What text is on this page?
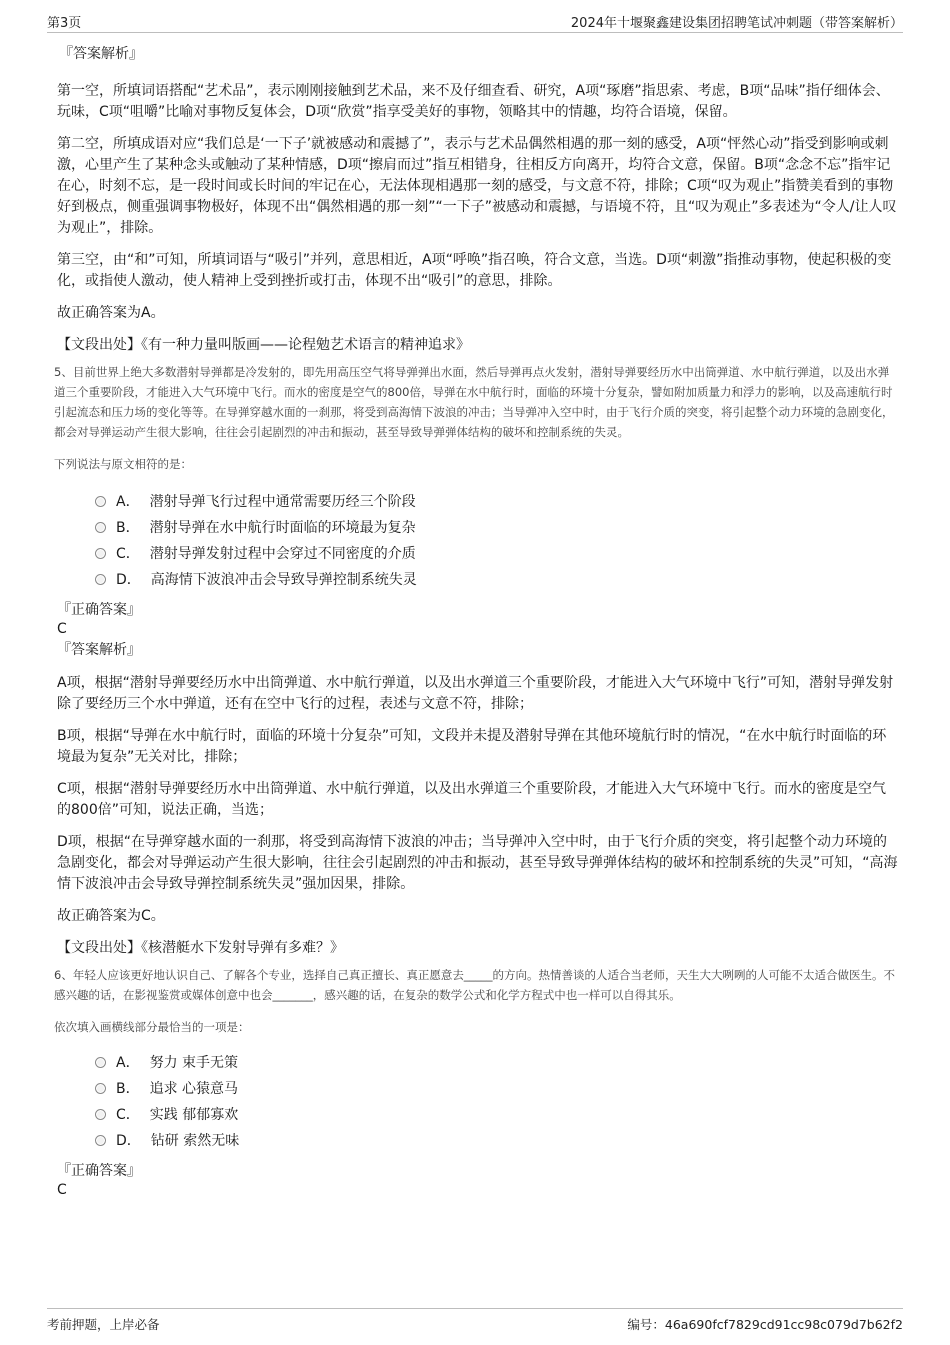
第3页	2024年十堰聚鑫建设集团招聘笔试冲刺题（带答案解析）

『答案解析』

第一空，所填词语搭配“艺术品”，表示刚刚接触到艺术品，来不及仔细查看、研究，A项“琢磨”指思索、考虑，B项“品味”指仔细体会、玩味，C项“咀嚼”比喻对事物反复体会，D项“欣赏”指享受美好的事物，领略其中的情趣，均符合语境，保留。

第二空，所填成语对应“我们总是‘一下子’就被感动和震撼了”，表示与艺术品偶然相遇的那一刻的感受，A项“怦然心动”指受到影响或刺激，心里产生了某种念头或触动了某种情感，D项“擦肩而过”指互相错身，往相反方向离开，均符合文意，保留。B项“念念不忘”指牢记在心，时刻不忘，是一段时间或长时间的牢记在心，无法体现相遇那一刻的感受，与文意不符，排除；C项“叹为观止”指赞美看到的事物好到极点，侧重强调事物极好，体现不出“偶然相遇的那一刻”“一下子”被感动和震撼，与语境不符，且“叹为观止”多表述为“令人/让人叹为观止”，排除。

第三空，由“和”可知，所填词语与“吸引”并列，意思相近，A项“呼唤”指召唤，符合文意，当选。D项“刺激”指推动事物，使起积极的变化，或指使人激动，使人精神上受到挫折或打击，体现不出“吸引”的意思，排除。

故正确答案为A。

【文段出处】《有一种力量叫版画——论程勉艺术语言的精神追求》

5、目前世界上绝大多数潜射导弹都是冷发射的，即先用高压空气将导弹弹出水面，然后导弹再点火发射，潜射导弹要经历水中出筒弹道、水中航行弹道，以及出水弹道三个重要阶段，才能进入大气环境中飞行。而水的密度是空气的800倍，导弹在水中航行时，面临的环境十分复杂，譬如附加质量力和浮力的影响，以及高速航行时引起流态和压力场的变化等等。在导弹穿越水面的一刹那，将受到高海情下波浪的冲击；当导弹冲入空中时，由于飞行介质的突变，将引起整个动力环境的急剧变化，都会对导弹运动产生很大影响，往往会引起剧烈的冲击和振动，甚至导致导弹弹体结构的破坏和控制系统的失灵。

下列说法与原文相符的是：

A． 潜射导弹飞行过程中通常需要历经三个阶段
B． 潜射导弹在水中航行时面临的环境最为复杂
C． 潜射导弹发射过程中会穿过不同密度的介质
D． 高海情下波浪冲击会导致导弹控制系统失灵

『正确答案』

C

『答案解析』

A项，根据“潜射导弹要经历水中出筒弹道、水中航行弹道，以及出水弹道三个重要阶段，才能进入大气环境中飞行”可知，潜射导弹发射除了要经历三个水中弹道，还有在空中飞行的过程，表述与文意不符，排除；

B项，根据“导弹在水中航行时，面临的环境十分复杂”可知，文段并未提及潜射导弹在其他环境航行时的情况，“在水中航行时面临的环境最为复杂”无关对比，排除；

C项，根据“潜射导弹要经历水中出筒弹道、水中航行弹道，以及出水弹道三个重要阶段，才能进入大气环境中飞行。而水的密度是空气的800倍”可知，说法正确，当选；

D项，根据“在导弹穿越水面的一刹那，将受到高海情下波浪的冲击；当导弹冲入空中时，由于飞行介质的突变，将引起整个动力环境的急剧变化，都会对导弹运动产生很大影响，往往会引起剧烈的冲击和振动，甚至导致导弹弹体结构的破坏和控制系统的失灵”可知，“高海情下波浪冲击会导致导弹控制系统失灵”强加因果，排除。

故正确答案为C。

【文段出处】《核潜艇水下发射导弹有多难？》

6、年轻人应该更好地认识自己、了解各个专业，选择自己真正擅长、真正愿意去_____的方向。热情善谈的人适合当老师，天生大大咧咧的人可能不太适合做医生。不感兴趣的话，在影视鉴赏或媒体创意中也会_______，感兴趣的话，在复杂的数学公式和化学方程式中也一样可以自得其乐。

依次填入画横线部分最恰当的一项是：

A． 努力 束手无策
B． 追求 心猿意马
C． 实践 郁郁寡欢
D． 钻研 索然无味

『正确答案』

C

考前押题，上岸必备	编号：46a690fcf7829cd91cc98c079d7b62f2
